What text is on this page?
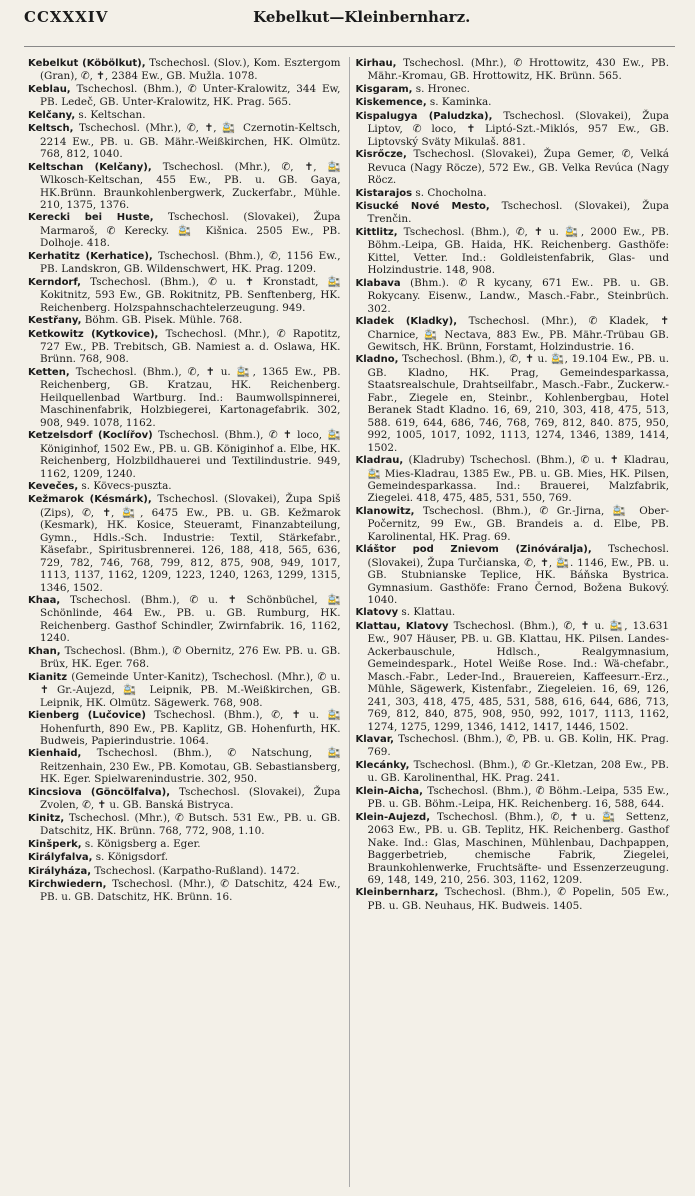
CCXXXIV	Kebelkut—Kleinbernharz.

Kebelkut (Köbölkut), Tschechosl. (Slov.), Kom. Esztergom (Gran), ✆, ✝, 2384 Ew., GB. Mužla. 1078.

Keblau, Tschechosl. (Bhm.), ✆ Unter-Kralowitz, 344 Ew, PB. Ledeč, GB. Unter-Kralowitz, HK. Prag. 565.

Kelčany, s. Keltschan.

Keltsch, Tschechosl. (Mhr.), ✆, ✝, 🚉 Czernotin-Keltsch, 2214 Ew., PB. u. GB. Mähr.-Weißkirchen, HK. Olmütz. 768, 812, 1040.

Keltschan (Kelčany), Tschechosl. (Mhr.), ✆, ✝, 🚉 Wlkosch-Keltschan, 455 Ew., PB. u. GB. Gaya, HK.Brünn. Braunkohlenbergwerk, Zuckerfabr., Mühle. 210, 1375, 1376.

Kerecki bei Huste, Tschechosl. (Slovakei), Župa Marmaroš, ✆ Kerecky. 🚉 Kišnica. 2505 Ew., PB. Dolhoje. 418.

Kerhatitz (Kerhatice), Tschechosl. (Bhm.), ✆, 1156 Ew., PB. Landskron, GB. Wildenschwert, HK. Prag. 1209.

Kerndorf, Tschechosl. (Bhm.), ✆ u. ✝ Kronstadt, 🚉 Kokitnitz, 593 Ew., GB. Rokitnitz, PB. Senftenberg, HK. Reichenberg. Holzspahnschachtelerzeugung. 949.

Kestřany, Böhm. GB. Pisek. Mühle. 768.

Ketkowitz (Kytkovice), Tschechosl. (Mhr.), ✆ Rapotitz, 727 Ew., PB. Trebitsch, GB. Namiest a. d. Oslawa, HK. Brünn. 768, 908.

Ketten, Tschechosl. (Bhm.), ✆, ✝ u. 🚉, 1365 Ew., PB. Reichenberg, GB. Kratzau, HK. Reichenberg. Heilquellenbad Wartburg. Ind.: Baumwollspinnerei, Maschinenfabrik, Holzbiegerei, Kartonagefabrik. 302, 908, 949. 1078, 1162.

Ketzelsdorf (Koclířov) Tschechosl. (Bhm.), ✆ ✝ loco, 🚉 Königinhof, 1502 Ew., PB. u. GB. Königinhof a. Elbe, HK. Reichenberg, Holzbildhauerei und Textilindustrie. 949, 1162, 1209, 1240.

Kevečes, s. Kövecs-puszta.

Kežmarok (Késmárk), Tschechosl. (Slovakei), Župa Spiš (Zips), ✆, ✝, 🚉, 6475 Ew., PB. u. GB. Kežmarok (Kesmark), HK. Kosice, Steueramt, Finanzabteilung, Gymn., Hdls.-Sch. Industrie: Textil, Stärkefabr., Käsefabr., Spiritusbrennerei. 126, 188, 418, 565, 636, 729, 782, 746, 768, 799, 812, 875, 908, 949, 1017, 1113, 1137, 1162, 1209, 1223, 1240, 1263, 1299, 1315, 1346, 1502.

Khaa, Tschechosl. (Bhm.), ✆ u. ✝ Schönbüchel, 🚉 Schönlinde, 464 Ew., PB. u. GB. Rumburg, HK. Reichenberg. Gasthof Schindler, Zwirnfabrik. 16, 1162, 1240.

Khan, Tschechosl. (Bhm.), ✆ Obernitz, 276 Ew. PB. u. GB. Brüx, HK. Eger. 768.

Kianitz (Gemeinde Unter-Kanitz), Tschechosl. (Mhr.), ✆ u. ✝ Gr.-Aujezd, 🚉 Leipnik, PB. M.-Weißkirchen, GB. Leipnik, HK. Olmütz. Sägewerk. 768, 908.

Kienberg (Lučovice) Tschechosl. (Bhm.), ✆, ✝ u. 🚉 Hohenfurth, 890 Ew., PB. Kaplitz, GB. Hohenfurth, HK. Budweis, Papierindustrie. 1064.

Kienhaid, Tschechosl. (Bhm.), ✆ Natschung, 🚉 Reitzenhain, 230 Ew., PB. Komotau, GB. Sebastiansberg, HK. Eger. Spielwarenindustrie. 302, 950.

Kincsiova (Göncölfalva), Tschechosl. (Slovakei), Župa Zvolen, ✆, ✝ u. GB. Banská Bistryca.

Kinitz, Tschechosl. (Mhr.), ✆ Butsch. 531 Ew., PB. u. GB. Datschitz, HK. Brünn. 768, 772, 908, 1.10.

Kinšperk, s. Königsberg a. Eger.

Királyfalva, s. Königsdorf.

Királyháza, Tschechosl. (Karpatho-Rußland). 1472.

Kirchwiedern, Tschechosl. (Mhr.), ✆ Datschitz, 424 Ew., PB. u. GB. Datschitz, HK. Brünn. 16.

Kirhau, Tschechosl. (Mhr.), ✆ Hrottowitz, 430 Ew., PB. Mähr.-Kromau, GB. Hrottowitz, HK. Brünn. 565.

Kisgaram, s. Hronec.

Kiskemence, s. Kaminka.

Kispalugya (Paludzka), Tschechosl. (Slovakei), Župa Liptov, ✆ loco, ✝ Liptó-Szt.-Miklós, 957 Ew., GB. Liptovský Sväty Mikulaš. 881.

Kisrőcze, Tschechosl. (Slovakei), Župa Gemer, ✆, Velká Revuca (Nagy Röcze), 572 Ew., GB. Velka Revúca (Nagy Röcz.

Kistarajos s. Chocholna.

Kisucké Nové Mesto, Tschechosl. (Slovakei), Župa Trenčin.

Kittlitz, Tschechosl. (Bhm.), ✆, ✝ u. 🚉, 2000 Ew., PB. Böhm.-Leipa, GB. Haida, HK. Reichenberg. Gasthöfe: Kittel, Vetter. Ind.: Goldleistenfabrik, Glas- und Holzindustrie. 148, 908.

Klabava (Bhm.). ✆ R kycany, 671 Ew.. PB. u. GB. Rokycany. Eisenw., Landw., Masch.-Fabr., Steinbrüch. 302.

Kladek (Kladky), Tschechosl. (Mhr.), ✆ Kladek, ✝ Charnice, 🚉 Nectava, 883 Ew., PB. Mähr.-Trübau GB. Gewitsch, HK. Brünn, Forstamt, Holzindustrie. 16.

Kladno, Tschechosl. (Bhm.), ✆, ✝ u. 🚉, 19.104 Ew., PB. u. GB. Kladno, HK. Prag, Gemeindesparkassa, Staatsrealschule, Drahtseilfabr., Masch.-Fabr., Zuckerw.-Fabr., Ziegele en, Steinbr., Kohlenbergbau, Hotel Beranek Stadt Kladno. 16, 69, 210, 303, 418, 475, 513, 588. 619, 644, 686, 746, 768, 769, 812, 840. 875, 950, 992, 1005, 1017, 1092, 1113, 1274, 1346, 1389, 1414, 1502.

Kladrau, (Kladruby) Tschechosl. (Bhm.), ✆ u. ✝ Kladrau, 🚉 Mies-Kladrau, 1385 Ew., PB. u. GB. Mies, HK. Pilsen, Gemeindesparkassa. Ind.: Brauerei, Malzfabrik, Ziegelei. 418, 475, 485, 531, 550, 769.

Klanowitz, Tschechosl. (Bhm.), ✆ Gr.-Jirna, 🚉 Ober-Počernitz, 99 Ew., GB. Brandeis a. d. Elbe, PB. Karolinental, HK. Prag. 69.

Kláštor pod Znievom (Zinóváralja), Tschechosl. (Slovakei), Župa Turčianska, ✆, ✝, 🚉. 1146, Ew., PB. u. GB. Stubnianske Teplice, HK. Báňska Bystrica. Gymnasium. Gasthöfe: Frano Černod, Božena Bukový. 1040.

Klatovy s. Klattau.

Klattau, Klatovy Tschechosl. (Bhm.), ✆, ✝ u. 🚉, 13.631 Ew., 907 Häuser, PB. u. GB. Klattau, HK. Pilsen. Landes-Ackerbauschule, Hdlsch., Realgymnasium, Gemeindespark., Hotel Weiße Rose. Ind.: Wä-chefabr., Masch.-Fabr., Leder-Ind., Brauereien, Kaffeesurr.-Erz., Mühle, Sägewerk, Kistenfabr., Ziegeleien. 16, 69, 126, 241, 303, 418, 475, 485, 531, 588, 616, 644, 686, 713, 769, 812, 840, 875, 908, 950, 992, 1017, 1113, 1162, 1274, 1275, 1299, 1346, 1412, 1417, 1446, 1502.

Klavar, Tschechosl. (Bhm.), ✆, PB. u. GB. Kolin, HK. Prag. 769.

Klecánky, Tschechosl. (Bhm.), ✆ Gr.-Kletzan, 208 Ew., PB. u. GB. Karolinenthal, HK. Prag. 241.

Klein-Aicha, Tschechosl. (Bhm.), ✆ Böhm.-Leipa, 535 Ew., PB. u. GB. Böhm.-Leipa, HK. Reichenberg. 16, 588, 644.

Klein-Aujezd, Tschechosl. (Bhm.), ✆, ✝ u. 🚉 Settenz, 2063 Ew., PB. u. GB. Teplitz, HK. Reichenberg. Gasthof Nake. Ind.: Glas, Maschinen, Mühlenbau, Dachpappen, Baggerbetrieb, chemische Fabrik, Ziegelei, Braunkohlenwerke, Fruchtsäfte- und Essenzerzeugung. 69, 148, 149, 210, 256. 303, 1162, 1209.

Kleinbernharz, Tschechosl. (Bhm.), ✆ Popelin, 505 Ew., PB. u. GB. Neuhaus, HK. Budweis. 1405.
